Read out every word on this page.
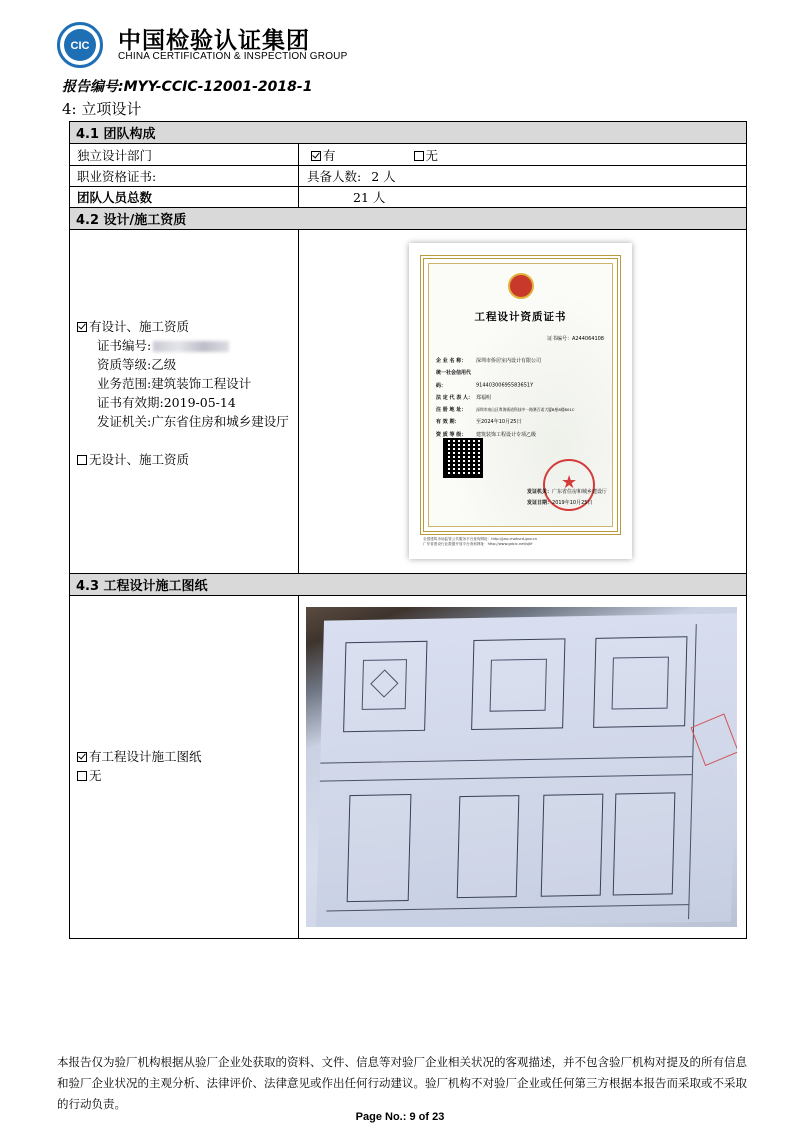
CIC 中国检验认证集团
CHINA CERTIFICATION & INSPECTION GROUP
报告编号:MYY-CCIC-12001-2018-1
4: 立项设计
4.1 团队构成
独立设计部门	有	无
职业资格证书:	具备人数: 2 人
团队人员总数	21 人
4.2 设计/施工资质
有设计、施工资质
证书编号:
资质等级:乙级
业务范围:建筑装饰工程设计
证书有效期:2019-05-14
发证机关:广东省住房和城乡建设厅
无设计、施工资质
4.3 工程设计施工图纸
有工程设计施工图纸
无
工程设计资质证书
证书编号：A244064108
企 业 名 称： 深圳市侨居室内设计有限公司
统一社会信用代码：	91440300695583651Y
法 定 代 表 人： 郑福明
注 册 地 址：	深圳市南山区粤海街道科技中一路赛百诺大厦B座8楼801C
有 效 期：	至2024年10月25日
资 质 等 级： 建筑装饰工程设计专项乙级
★
发证机关：广东省住房和城乡建设厅
发证日期：2019年10月25日
全国建筑市场监管公共服务平台查询网址：http://jzsc.mohurd.gov.cn
广东省建设行业数据开放平台查询网址：http://www.gdcic.net/sjkf
本报告仅为验厂机构根据从验厂企业处获取的资料、文件、信息等对验厂企业相关状况的客观描述，并不包含验厂机构对提及的所有信息和验厂企业状况的主观分析、法律评价、法律意见或作出任何行动建议。验厂机构不对验厂企业或任何第三方根据本报告而采取或不采取的行动负责。
Page No.: 9 of 23
